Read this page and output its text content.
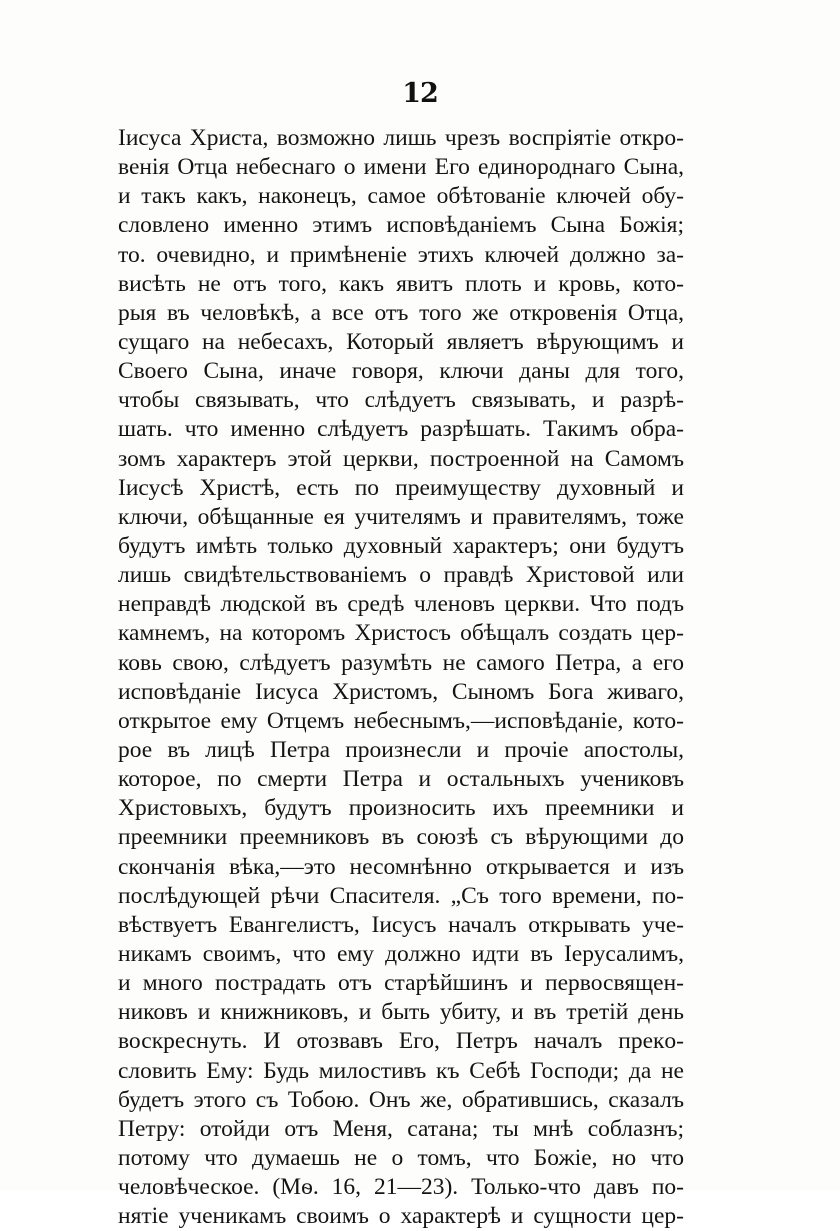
12
Іисуса Христа, возможно лишь чрезъ воспріятіе откро-
венія Отца небеснаго о имени Его единороднаго Сына,
и такъ какъ, наконецъ, самое обѣтованіе ключей обу-
словлено именно этимъ исповѣданіемъ Сына Божія;
то. очевидно, и примѣненіе этихъ ключей должно за-
висѣть не отъ того, какъ явитъ плоть и кровь, кото-
рыя въ человѣкѣ, а все отъ того же откровенія Отца,
сущаго на небесахъ, Который являетъ вѣрующимъ и
Своего Сына, иначе говоря, ключи даны для того,
чтобы связывать, что слѣдуетъ связывать, и разрѣ-
шать. что именно слѣдуетъ разрѣшать. Такимъ обра-
зомъ характеръ этой церкви, построенной на Самомъ
Іисусѣ Христѣ, есть по преимуществу духовный и
ключи, обѣщанные ея учителямъ и правителямъ, тоже
будутъ имѣть только духовный характеръ; они будутъ
лишь свидѣтельствованіемъ о правдѣ Христовой или
неправдѣ людской въ средѣ членовъ церкви. Что подъ
камнемъ, на которомъ Христосъ обѣщалъ создать цер-
ковь свою, слѣдуетъ разумѣть не самого Петра, а его
исповѣданіе Іисуса Христомъ, Сыномъ Бога живаго,
открытое ему Отцемъ небеснымъ,—исповѣданіе, кото-
рое въ лицѣ Петра произнесли и прочіе апостолы,
которое, по смерти Петра и остальныхъ учениковъ
Христовыхъ, будутъ произносить ихъ преемники и
преемники преемниковъ въ союзѣ съ вѣрующими до
скончанія вѣка,—это несомнѣнно открывается и изъ
послѣдующей рѣчи Спасителя. „Съ того времени, по-
вѣствуетъ Евангелистъ, Іисусъ началъ открывать уче-
никамъ своимъ, что ему должно идти въ Іерусалимъ,
и много пострадать отъ старѣйшинъ и первосвящен-
никовъ и книжниковъ, и быть убиту, и въ третій день
воскреснуть. И отозвавъ Его, Петръ началъ прекo-
словить Ему: Будь милостивъ къ Себѣ Господи; да не
будетъ этого съ Тобою. Онъ же, обратившись, сказалъ
Петру: отойди отъ Меня, сатана; ты мнѣ соблазнъ;
потому что думаешь не о томъ, что Божіе, но что
человѣческое. (Мѳ. 16, 21—23). Только-что давъ по-
нятіе ученикамъ своимъ о характерѣ и сущности цер-
